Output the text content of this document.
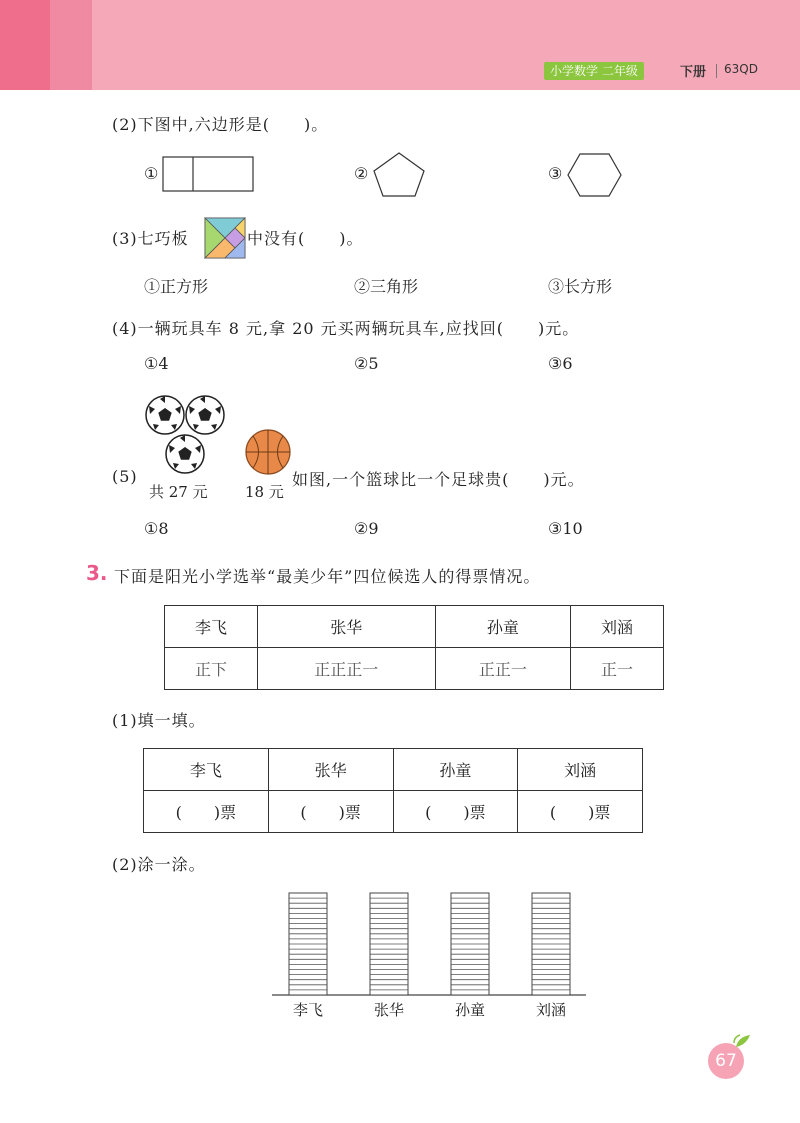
小学数学 二年级	下册 63QD
(2)下图中,六边形是(　　)。
①	②	③
(3)七巧板	中没有(　　)。
①正方形	②三角形	③长方形
(4)一辆玩具车 8 元,拿 20 元买两辆玩具车,应找回(　　)元。
①4	②5	③6
(5)
共 27 元 18 元
如图,一个篮球比一个足球贵(　　)元。
①8	②9	③10
3. 下面是阳光小学选举“最美少年”四位候选人的得票情况。
李飞	张华	孙童	刘涵
正下	正正正一	正正一	正一
(1)填一填。
李飞	张华	孙童	刘涵
(　　)票	(　　)票	(　　)票	(　　)票
(2)涂一涂。
李飞	张华	孙童	刘涵
67
